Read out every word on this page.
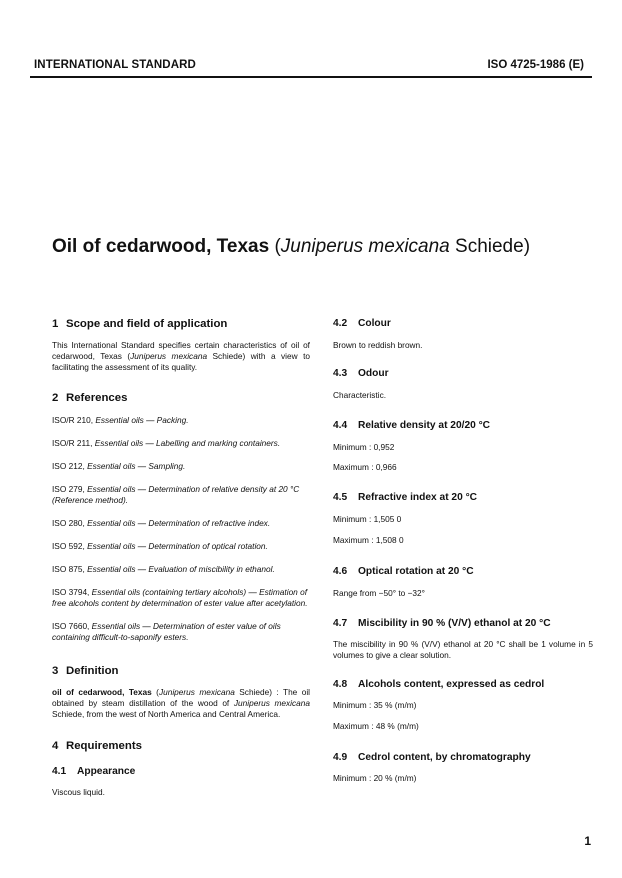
INTERNATIONAL STANDARD	ISO 4725-1986 (E)
Oil of cedarwood, Texas (Juniperus mexicana Schiede)
1 Scope and field of application

This International Standard specifies certain characteristics of oil of cedarwood, Texas (Juniperus mexicana Schiede) with a view to facilitating the assessment of its quality.

2 References

ISO/R 210, Essential oils — Packing.

ISO/R 211, Essential oils — Labelling and marking containers.

ISO 212, Essential oils — Sampling.

ISO 279, Essential oils — Determination of relative density at 20 °C (Reference method).

ISO 280, Essential oils — Determination of refractive index.

ISO 592, Essential oils — Determination of optical rotation.

ISO 875, Essential oils — Evaluation of miscibility in ethanol.

ISO 3794, Essential oils (containing tertiary alcohols) — Estimation of free alcohols content by determination of ester value after acetylation.

ISO 7660, Essential oils — Determination of ester value of oils containing difficult-to-saponify esters.

3 Definition

oil of cedarwood, Texas (Juniperus mexicana Schiede) : The oil obtained by steam distillation of the wood of Juniperus mexicana Schiede, from the west of North America and Central America.

4 Requirements
4.1 Appearance

Viscous liquid.

4.2 Colour

Brown to reddish brown.

4.3 Odour

Characteristic.

4.4 Relative density at 20/20 °C

Minimum : 0,952

Maximum : 0,966

4.5 Refractive index at 20 °C

Minimum : 1,505 0

Maximum : 1,508 0

4.6 Optical rotation at 20 °C

Range from −50° to −32°

4.7 Miscibility in 90 % (V/V) ethanol at 20 °C

The miscibility in 90 % (V/V) ethanol at 20 °C shall be 1 volume in 5 volumes to give a clear solution.

4.8 Alcohols content, expressed as cedrol

Minimum : 35 % (m/m)

Maximum : 48 % (m/m)

4.9 Cedrol content, by chromatography

Minimum : 20 % (m/m)

1
